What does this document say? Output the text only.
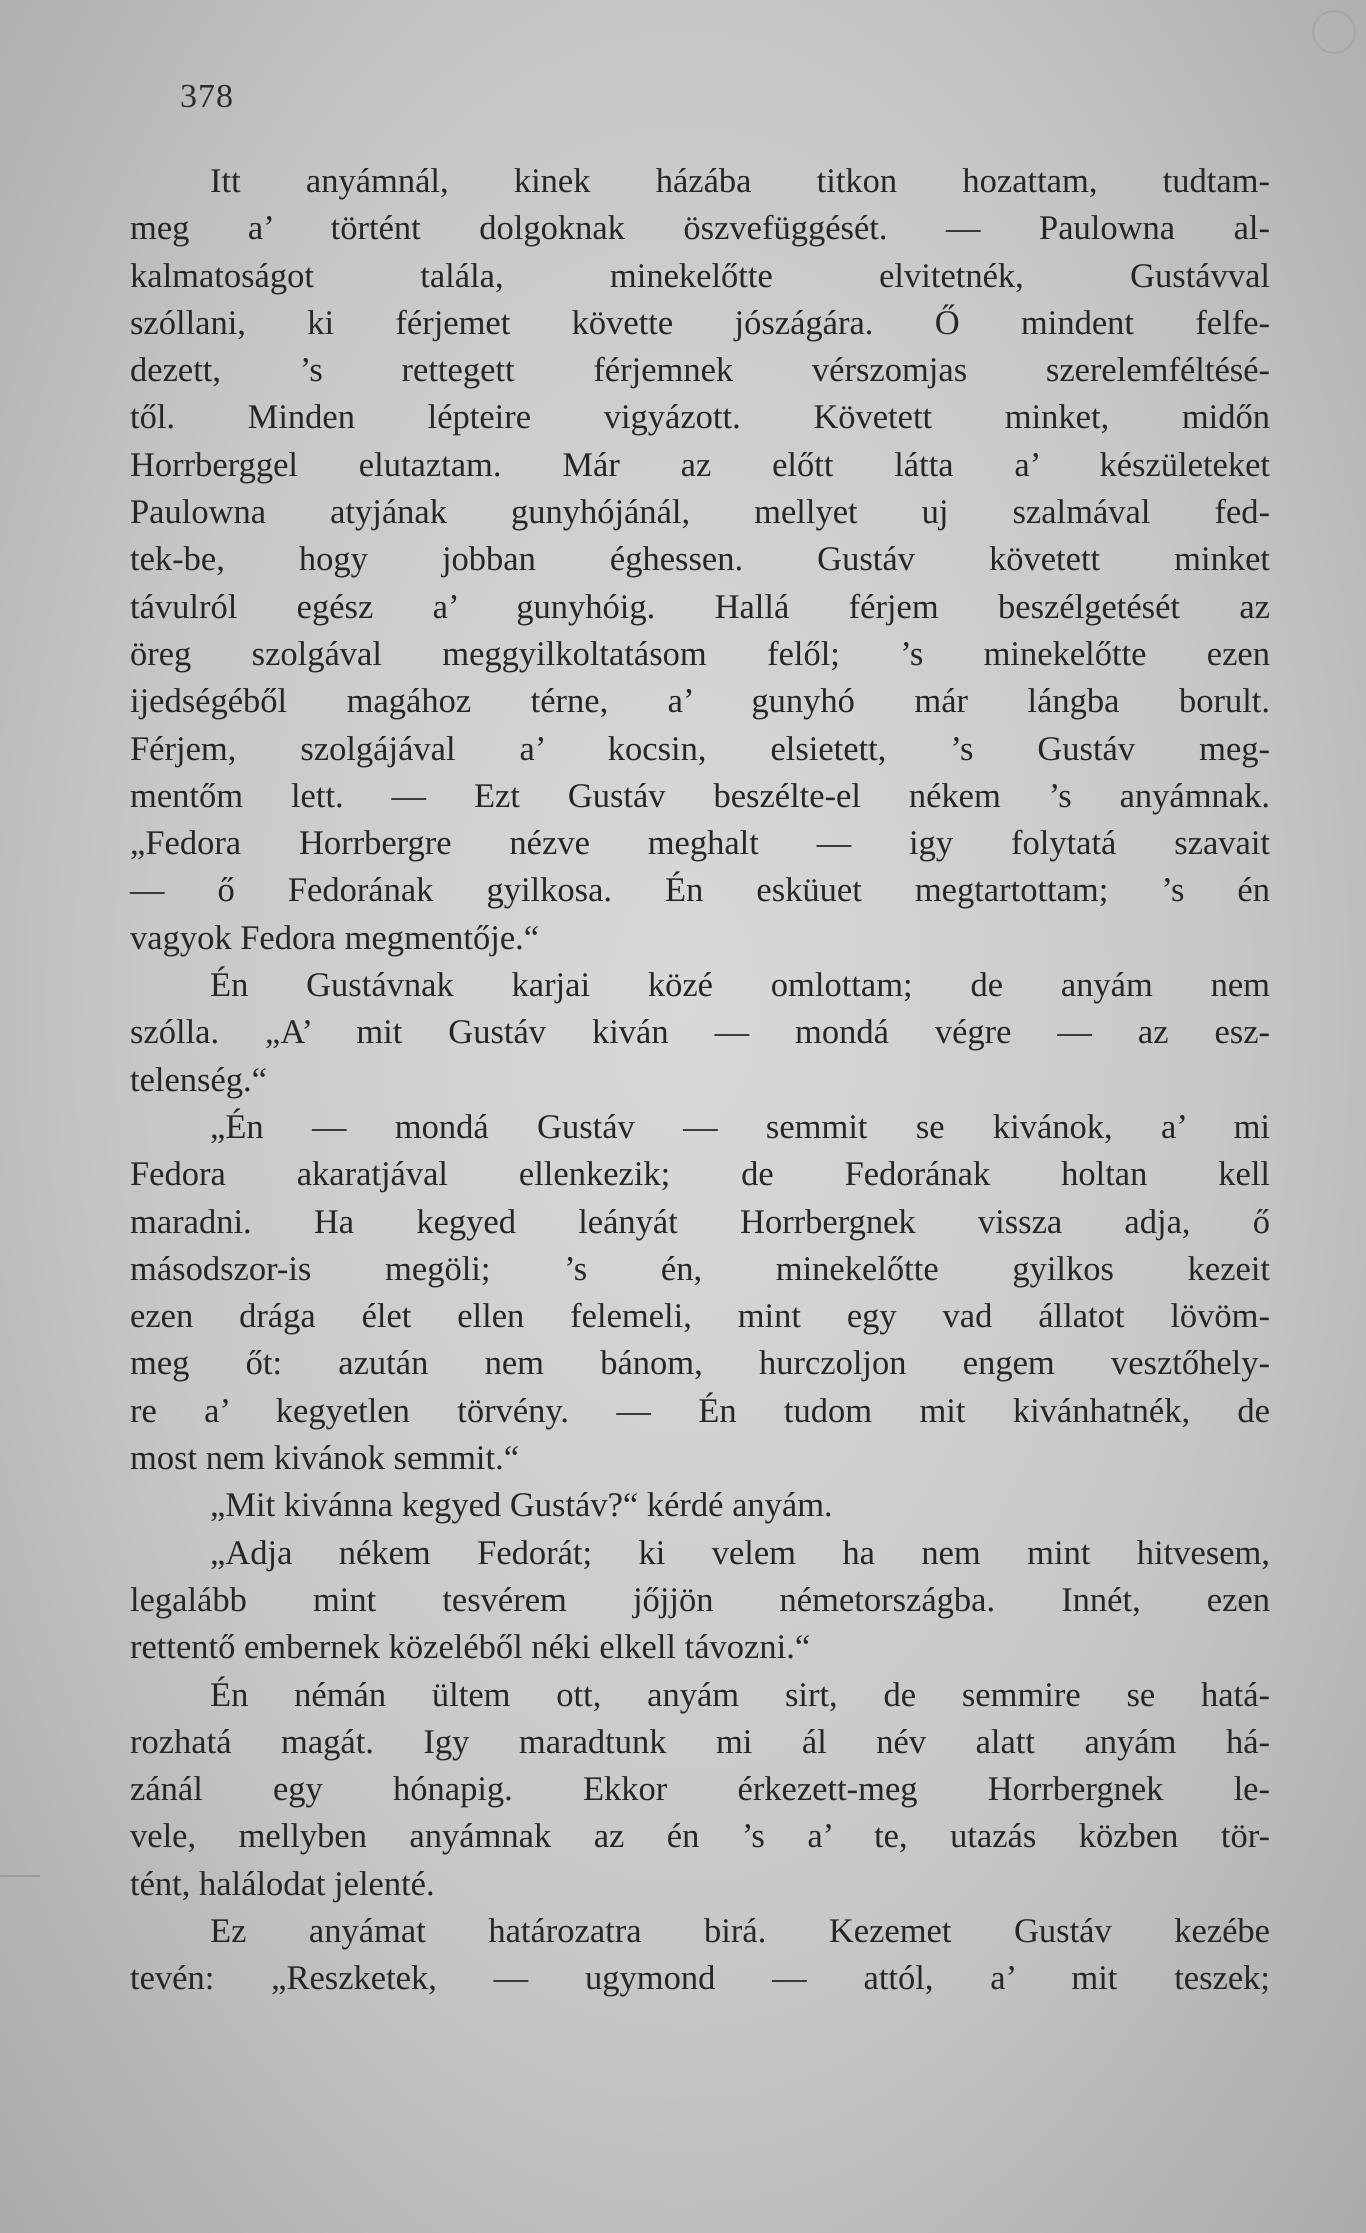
378
Itt anyámnál, kinek házába titkon hozattam, tudtam-
meg a’ történt dolgoknak öszvefüggését. — Paulowna al-
kalmatoságot talála, minekelőtte elvitetnék, Gustávval
szóllani, ki férjemet követte jószágára. Ő mindent felfe-
dezett, ’s rettegett férjemnek vérszomjas szerelemféltésé-
től. Minden lépteire vigyázott. Követett minket, midőn
Horrberggel elutaztam. Már az előtt látta a’ készületeket
Paulowna atyjának gunyhójánál, mellyet uj szalmával fed-
tek-be, hogy jobban éghessen. Gustáv követett minket
távulról egész a’ gunyhóig. Hallá férjem beszélgetését az
öreg szolgával meggyilkoltatásom felől; ’s minekelőtte ezen
ijedségéből magához térne, a’ gunyhó már lángba borult.
Férjem, szolgájával a’ kocsin, elsietett, ’s Gustáv meg-
mentőm lett. — Ezt Gustáv beszélte-el nékem ’s anyámnak.
„Fedora Horrbergre nézve meghalt — igy folytatá szavait
— ő Fedorának gyilkosa. Én esküuet megtartottam; ’s én
vagyok Fedora megmentője.“
Én Gustávnak karjai közé omlottam; de anyám nem
szólla. „A’ mit Gustáv kiván — mondá végre — az esz-
telenség.“
„Én — mondá Gustáv — semmit se kivánok, a’ mi
Fedora akaratjával ellenkezik; de Fedorának holtan kell
maradni. Ha kegyed leányát Horrbergnek vissza adja, ő
másodszor-is megöli; ’s én, minekelőtte gyilkos kezeit
ezen drága élet ellen felemeli, mint egy vad állatot lövöm-
meg őt: azután nem bánom, hurczoljon engem vesztőhely-
re a’ kegyetlen törvény. — Én tudom mit kivánhatnék, de
most nem kivánok semmit.“
„Mit kivánna kegyed Gustáv?“ kérdé anyám.
„Adja nékem Fedorát; ki velem ha nem mint hitvesem,
legalább mint tesvérem jőjjön németországba. Innét, ezen
rettentő embernek közeléből néki elkell távozni.“
Én némán ültem ott, anyám sirt, de semmire se hatá-
rozhatá magát. Igy maradtunk mi ál név alatt anyám há-
zánál egy hónapig. Ekkor érkezett-meg Horrbergnek le-
vele, mellyben anyámnak az én ’s a’ te, utazás közben tör-
tént, halálodat jelenté.
Ez anyámat határozatra birá. Kezemet Gustáv kezébe
tevén: „Reszketek, — ugymond — attól, a’ mit teszek;
